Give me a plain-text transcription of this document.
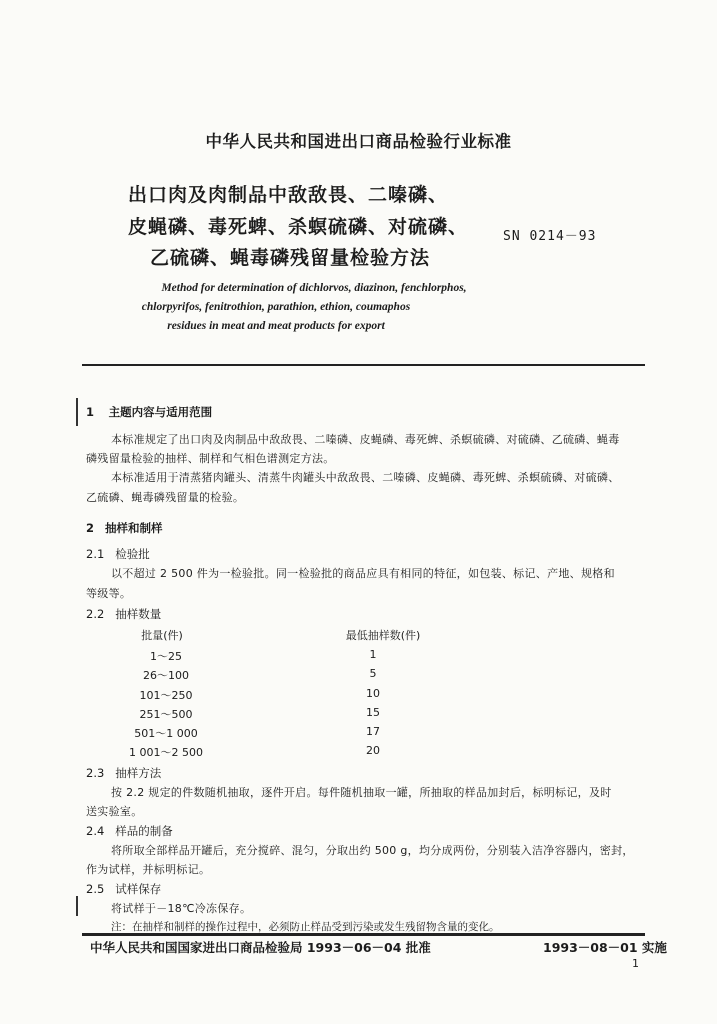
中华人民共和国进出口商品检验行业标准
出口肉及肉制品中敌敌畏、二嗪磷、
皮蝇磷、毒死蜱、杀螟硫磷、对硫磷、
乙硫磷、蝇毒磷残留量检验方法
SN 0214－93
Method for determination of dichlorvos, diazinon, fenchlorphos,
chlorpyrifos, fenitrothion, parathion, ethion, coumaphos
residues in meat and meat products for export
1 主题内容与适用范围
本标准规定了出口肉及肉制品中敌敌畏、二嗪磷、皮蝇磷、毒死蜱、杀螟硫磷、对硫磷、乙硫磷、蝇毒
磷残留量检验的抽样、制样和气相色谱测定方法。
本标准适用于清蒸猪肉罐头、清蒸牛肉罐头中敌敌畏、二嗪磷、皮蝇磷、毒死蜱、杀螟硫磷、对硫磷、
乙硫磷、蝇毒磷残留量的检验。
2 抽样和制样
2.1 检验批
以不超过 2 500 件为一检验批。同一检验批的商品应具有相同的特征，如包装、标记、产地、规格和
等级等。
2.2 抽样数量
批量(件)	最低抽样数(件)
1～25	1
26～100	5
101～250	10
251～500	15
501～1 000	17
1 001～2 500	20
2.3 抽样方法
按 2.2 规定的件数随机抽取，逐件开启。每件随机抽取一罐，所抽取的样品加封后，标明标记，及时
送实验室。
2.4 样品的制备
将所取全部样品开罐后，充分搅碎、混匀，分取出约 500 g，均分成两份，分别装入洁净容器内，密封，
作为试样，并标明标记。
2.5 试样保存
将试样于－18℃冷冻保存。
注：在抽样和制样的操作过程中，必须防止样品受到污染或发生残留物含量的变化。
中华人民共和国国家进出口商品检验局 1993－06－04 批准	1993－08－01 实施
1
